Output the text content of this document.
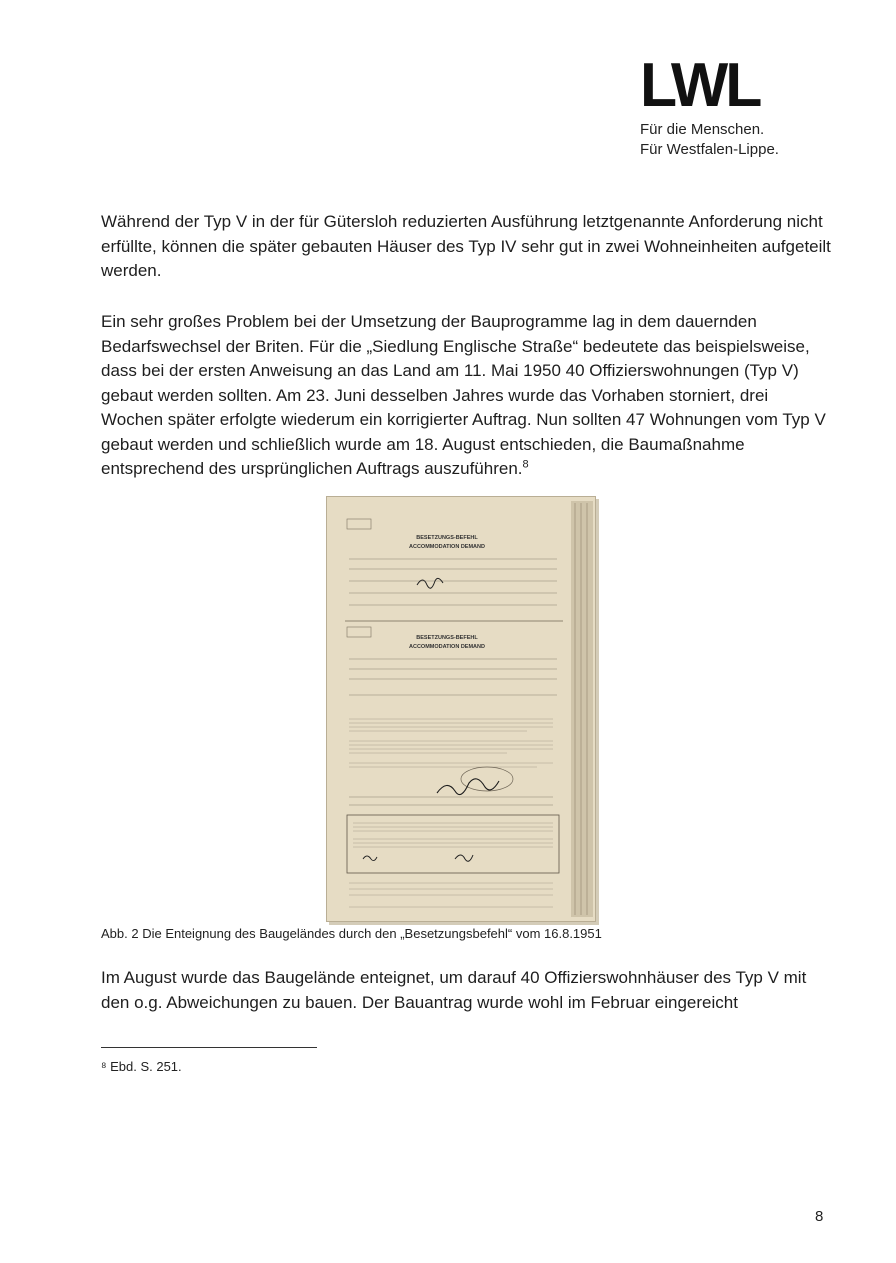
LWL
Für die Menschen.
Für Westfalen-Lippe.

Während der Typ V in der für Gütersloh reduzierten Ausführung letztgenannte Anforderung nicht erfüllte, können die später gebauten Häuser des Typ IV sehr gut in zwei Wohneinheiten aufgeteilt werden.

Ein sehr großes Problem bei der Umsetzung der Bauprogramme lag in dem dauernden Bedarfswechsel der Briten. Für die „Siedlung Englische Straße“ bedeutete das beispielsweise, dass bei der ersten Anweisung an das Land am 11. Mai 1950 40 Offizierswohnungen (Typ V) gebaut werden sollten. Am 23. Juni desselben Jahres wurde das Vorhaben storniert, drei Wochen später erfolgte wiederum ein korrigierter Auftrag. Nun sollten 47 Wohnungen vom Typ V gebaut werden und schließlich wurde am 18. August entschieden, die Baumaßnahme entsprechend des ursprünglichen Auftrags auszuführen.$^8$

BESETZUNGS-BEFEHL
ACCOMMODATION DEMAND
BESETZUNGS-BEFEHL
ACCOMMODATION DEMAND
Abb. 2 Die Enteignung des Baugeländes durch den „Besetzungsbefehl“ vom 16.8.1951

Im August wurde das Baugelände enteignet, um darauf 40 Offizierswohnhäuser des Typ V mit den o.g. Abweichungen zu bauen. Der Bauantrag wurde wohl im Februar eingereicht

⁸ Ebd. S. 251.
8
